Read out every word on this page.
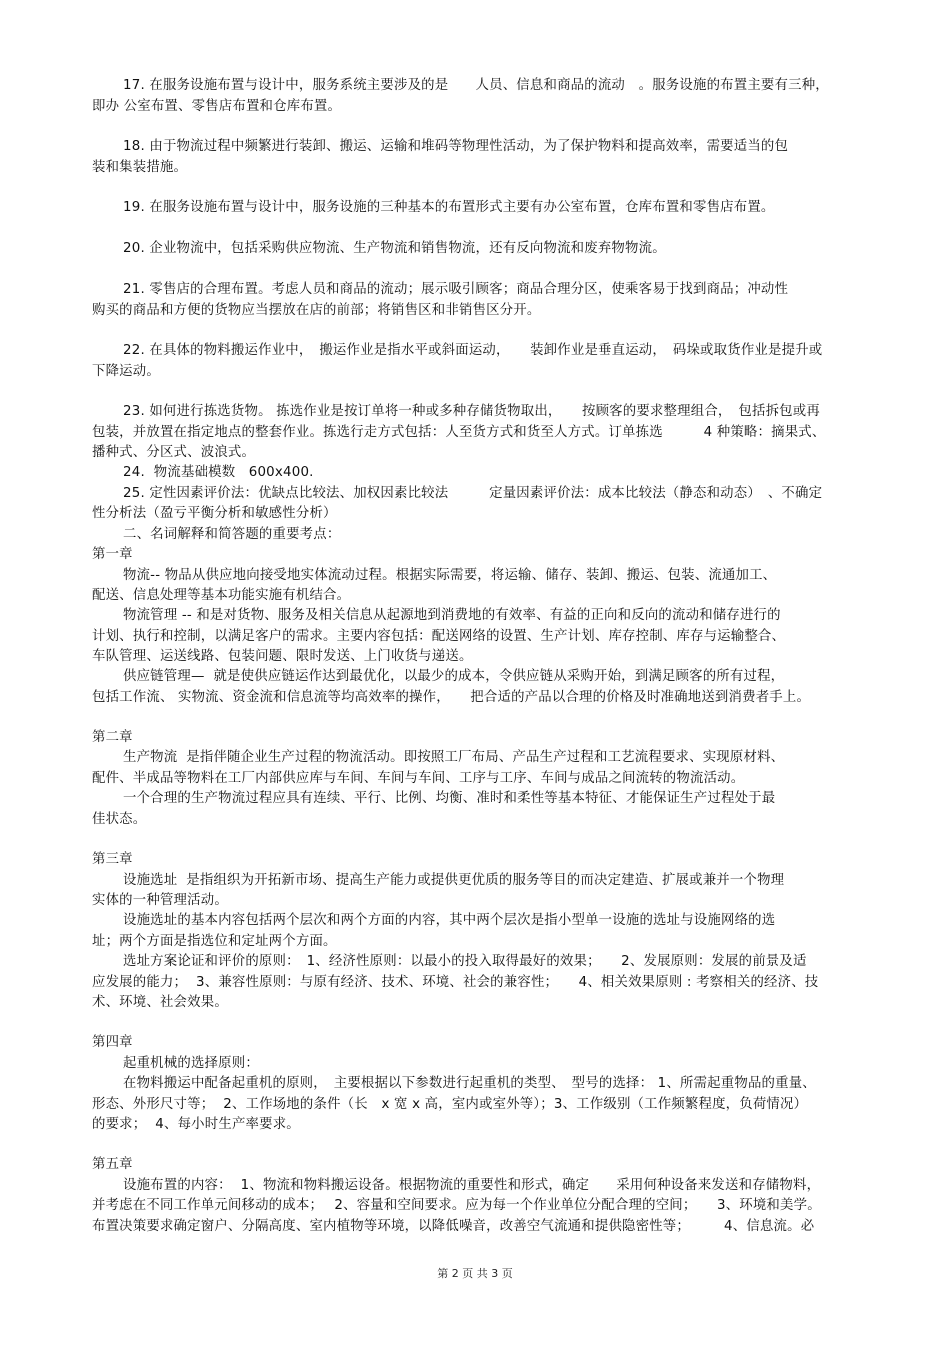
17. 在服务设施布置与设计中，服务系统主要涉及的是　　人员、信息和商品的流动　。服务设施的布置主要有三种，
即办 公室布置、零售店布置和仓库布置。
18. 由于物流过程中频繁进行装卸、搬运、运输和堆码等物理性活动，为了保护物料和提高效率，需要适当的包
装和集装措施。
19. 在服务设施布置与设计中，服务设施的三种基本的布置形式主要有办公室布置，仓库布置和零售店布置。
20. 企业物流中，包括采购供应物流、生产物流和销售物流，还有反向物流和废弃物物流。
21. 零售店的合理布置。考虑人员和商品的流动；展示吸引顾客；商品合理分区，使乘客易于找到商品；冲动性
购买的商品和方便的货物应当摆放在店的前部；将销售区和非销售区分开。
22. 在具体的物料搬运作业中，　搬运作业是指水平或斜面运动，　　装卸作业是垂直运动，　码垛或取货作业是提升或
下降运动。
23. 如何进行拣选货物。 拣选作业是按订单将一种或多种存储货物取出，　　按顾客的要求整理组合，　包括拆包或再
包装，并放置在指定地点的整套作业。拣选行走方式包括：人至货方式和货至人方式。订单拣选　　　4 种策略：摘果式、
播种式、分区式、波浪式。
24.  物流基础模数   600x400.
25. 定性因素评价法：优缺点比较法、加权因素比较法　　　定量因素评价法：成本比较法（静态和动态）　、不确定
性分析法（盈亏平衡分析和敏感性分析）
二、名词解释和简答题的重要考点：
第一章
物流-- 物品从供应地向接受地实体流动过程。根据实际需要，将运输、储存、装卸、搬运、包装、流通加工、
配送、信息处理等基本功能实施有机结合。
物流管理 -- 和是对货物、服务及相关信息从起源地到消费地的有效率、有益的正向和反向的流动和储存进行的
计划、执行和控制，以满足客户的需求。主要内容包括：配送网络的设置、生产计划、库存控制、库存与运输整合、
车队管理、运送线路、包装问题、限时发送、上门收货与递送。
供应链管理—  就是使供应链运作达到最优化，以最少的成本，令供应链从采购开始，到满足顾客的所有过程，
包括工作流、 实物流、资金流和信息流等均高效率的操作，　　把合适的产品以合理的价格及时准确地送到消费者手上。
第二章
生产物流  是指伴随企业生产过程的物流活动。即按照工厂布局、产品生产过程和工艺流程要求、实现原材料、
配件、半成品等物料在工厂内部供应库与车间、车间与车间、工序与工序、车间与成品之间流转的物流活动。
一个合理的生产物流过程应具有连续、平行、比例、均衡、准时和柔性等基本特征、才能保证生产过程处于最
佳状态。
第三章
设施选址  是指组织为开拓新市场、提高生产能力或提供更优质的服务等目的而决定建造、扩展或兼并一个物理
实体的一种管理活动。
设施选址的基本内容包括两个层次和两个方面的内容，其中两个层次是指小型单一设施的选址与设施网络的选
址；两个方面是指选位和定址两个方面。
选址方案论证和评价的原则：　1、经济性原则：以最小的投入取得最好的效果；　　2、发展原则：发展的前景及适
应发展的能力；  3、兼容性原则：与原有经济、技术、环境、社会的兼容性；　　4、相关效果原则 : 考察相关的经济、技
术、环境、社会效果。
第四章
起重机械的选择原则：
在物料搬运中配备起重机的原则，　主要根据以下参数进行起重机的类型、　型号的选择： 1、所需起重物品的重量、
形态、外形尺寸等；  2、工作场地的条件（长　x 宽 x 高，室内或室外等）；3、工作级别（工作频繁程度，负荷情况）
的要求；  4、每小时生产率要求。
第五章
设施布置的内容：  1、物流和物料搬运设备。根据物流的重要性和形式，确定　　采用何种设备来发送和存储物料，
并考虑在不同工作单元间移动的成本；　 2、容量和空间要求。应为每一个作业单位分配合理的空间；　　3、环境和美学。
布置决策要求确定窗户、分隔高度、室内植物等环境，以降低噪音，改善空气流通和提供隐密性等；　　　4、信息流。必
第 2 页 共 3 页
